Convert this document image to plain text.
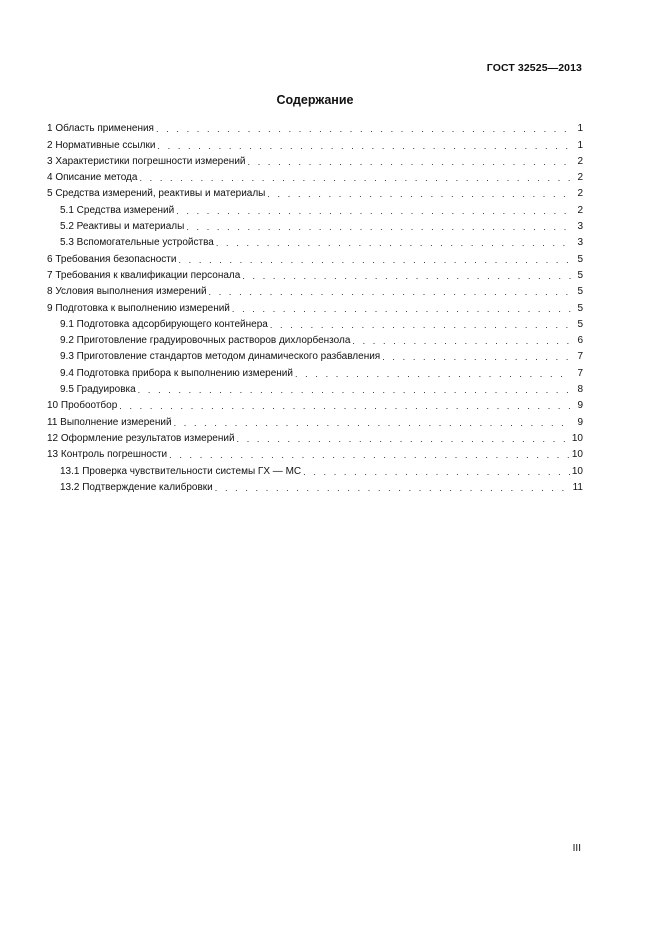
ГОСТ 32525—2013
Содержание
1 Область применения . . .	1
2 Нормативные ссылки . . .	1
3 Характеристики погрешности измерений . . .	2
4 Описание метода . . .	2
5 Средства измерений, реактивы и материалы . . .	2
5.1 Средства измерений . . .	2
5.2 Реактивы и материалы . . .	3
5.3 Вспомогательные устройства . . .	3
6 Требования безопасности . . .	5
7 Требования к квалификации персонала . . .	5
8 Условия выполнения измерений . . .	5
9 Подготовка к выполнению измерений . . .	5
9.1 Подготовка адсорбирующего контейнера . . .	5
9.2 Приготовление градуировочных растворов дихлорбензола . . .	6
9.3 Приготовление стандартов методом динамического разбавления . . .	7
9.4 Подготовка прибора к выполнению измерений . . .	7
9.5 Градуировка . . .	8
10 Пробоотбор . . .	9
11 Выполнение измерений . . .	9
12 Оформление результатов измерений . . .	10
13 Контроль погрешности . . .	10
13.1 Проверка чувствительности системы ГХ — МС . . .	10
13.2 Подтверждение калибровки . . .	11
III
